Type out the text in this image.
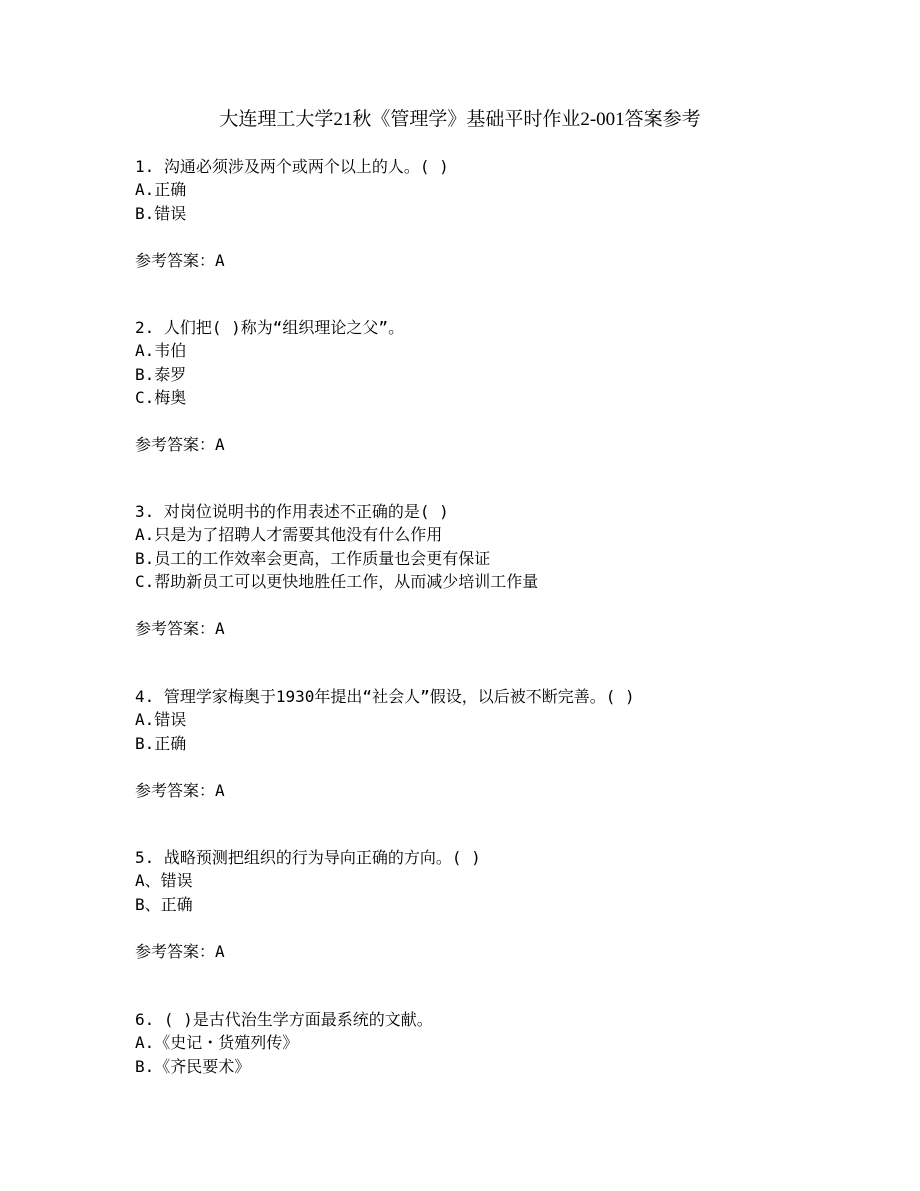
大连理工大学21秋《管理学》基础平时作业2-001答案参考
1. 沟通必须涉及两个或两个以上的人。( )
A.正确
B.错误
参考答案：A
2. 人们把( )称为“组织理论之父”。
A.韦伯
B.泰罗
C.梅奥
参考答案：A
3. 对岗位说明书的作用表述不正确的是( )
A.只是为了招聘人才需要其他没有什么作用
B.员工的工作效率会更高，工作质量也会更有保证
C.帮助新员工可以更快地胜任工作，从而减少培训工作量
参考答案：A
4. 管理学家梅奥于1930年提出“社会人”假设，以后被不断完善。( )
A.错误
B.正确
参考答案：A
5. 战略预测把组织的行为导向正确的方向。( )
A、错误
B、正确
参考答案：A
6. ( )是古代治生学方面最系统的文献。
A.《史记・货殖列传》
B.《齐民要术》
